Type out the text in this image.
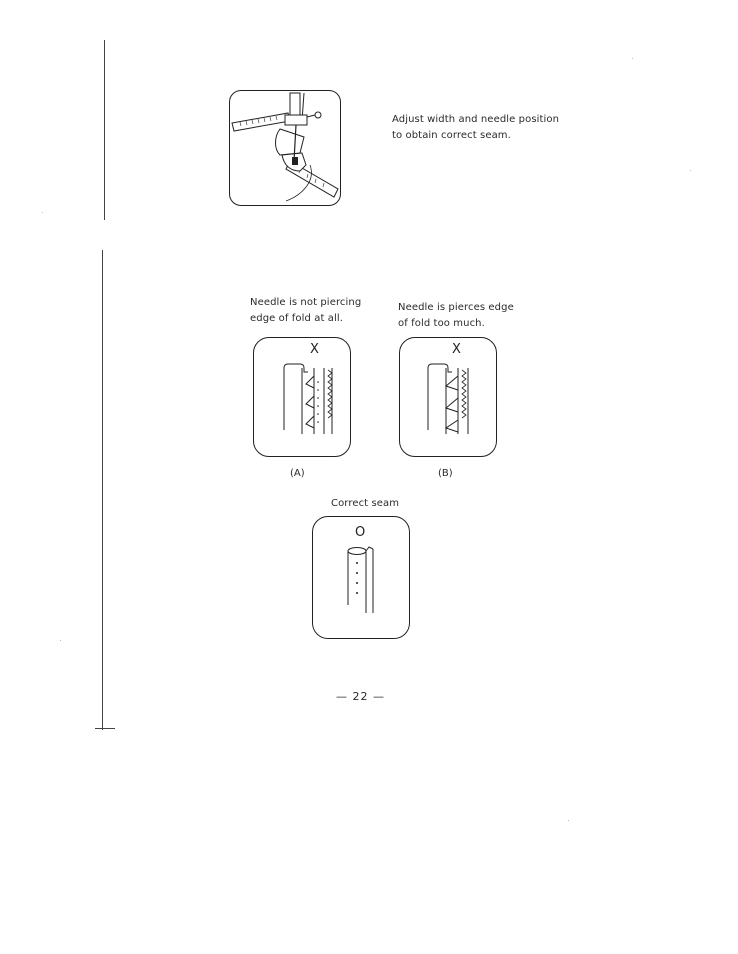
Adjust width and needle position
to obtain correct seam.
Needle is not piercing
edge of fold at all.
Needle is pierces edge
of fold too much.
X
(A)
X
(B)
Correct seam
O
— 22 —
